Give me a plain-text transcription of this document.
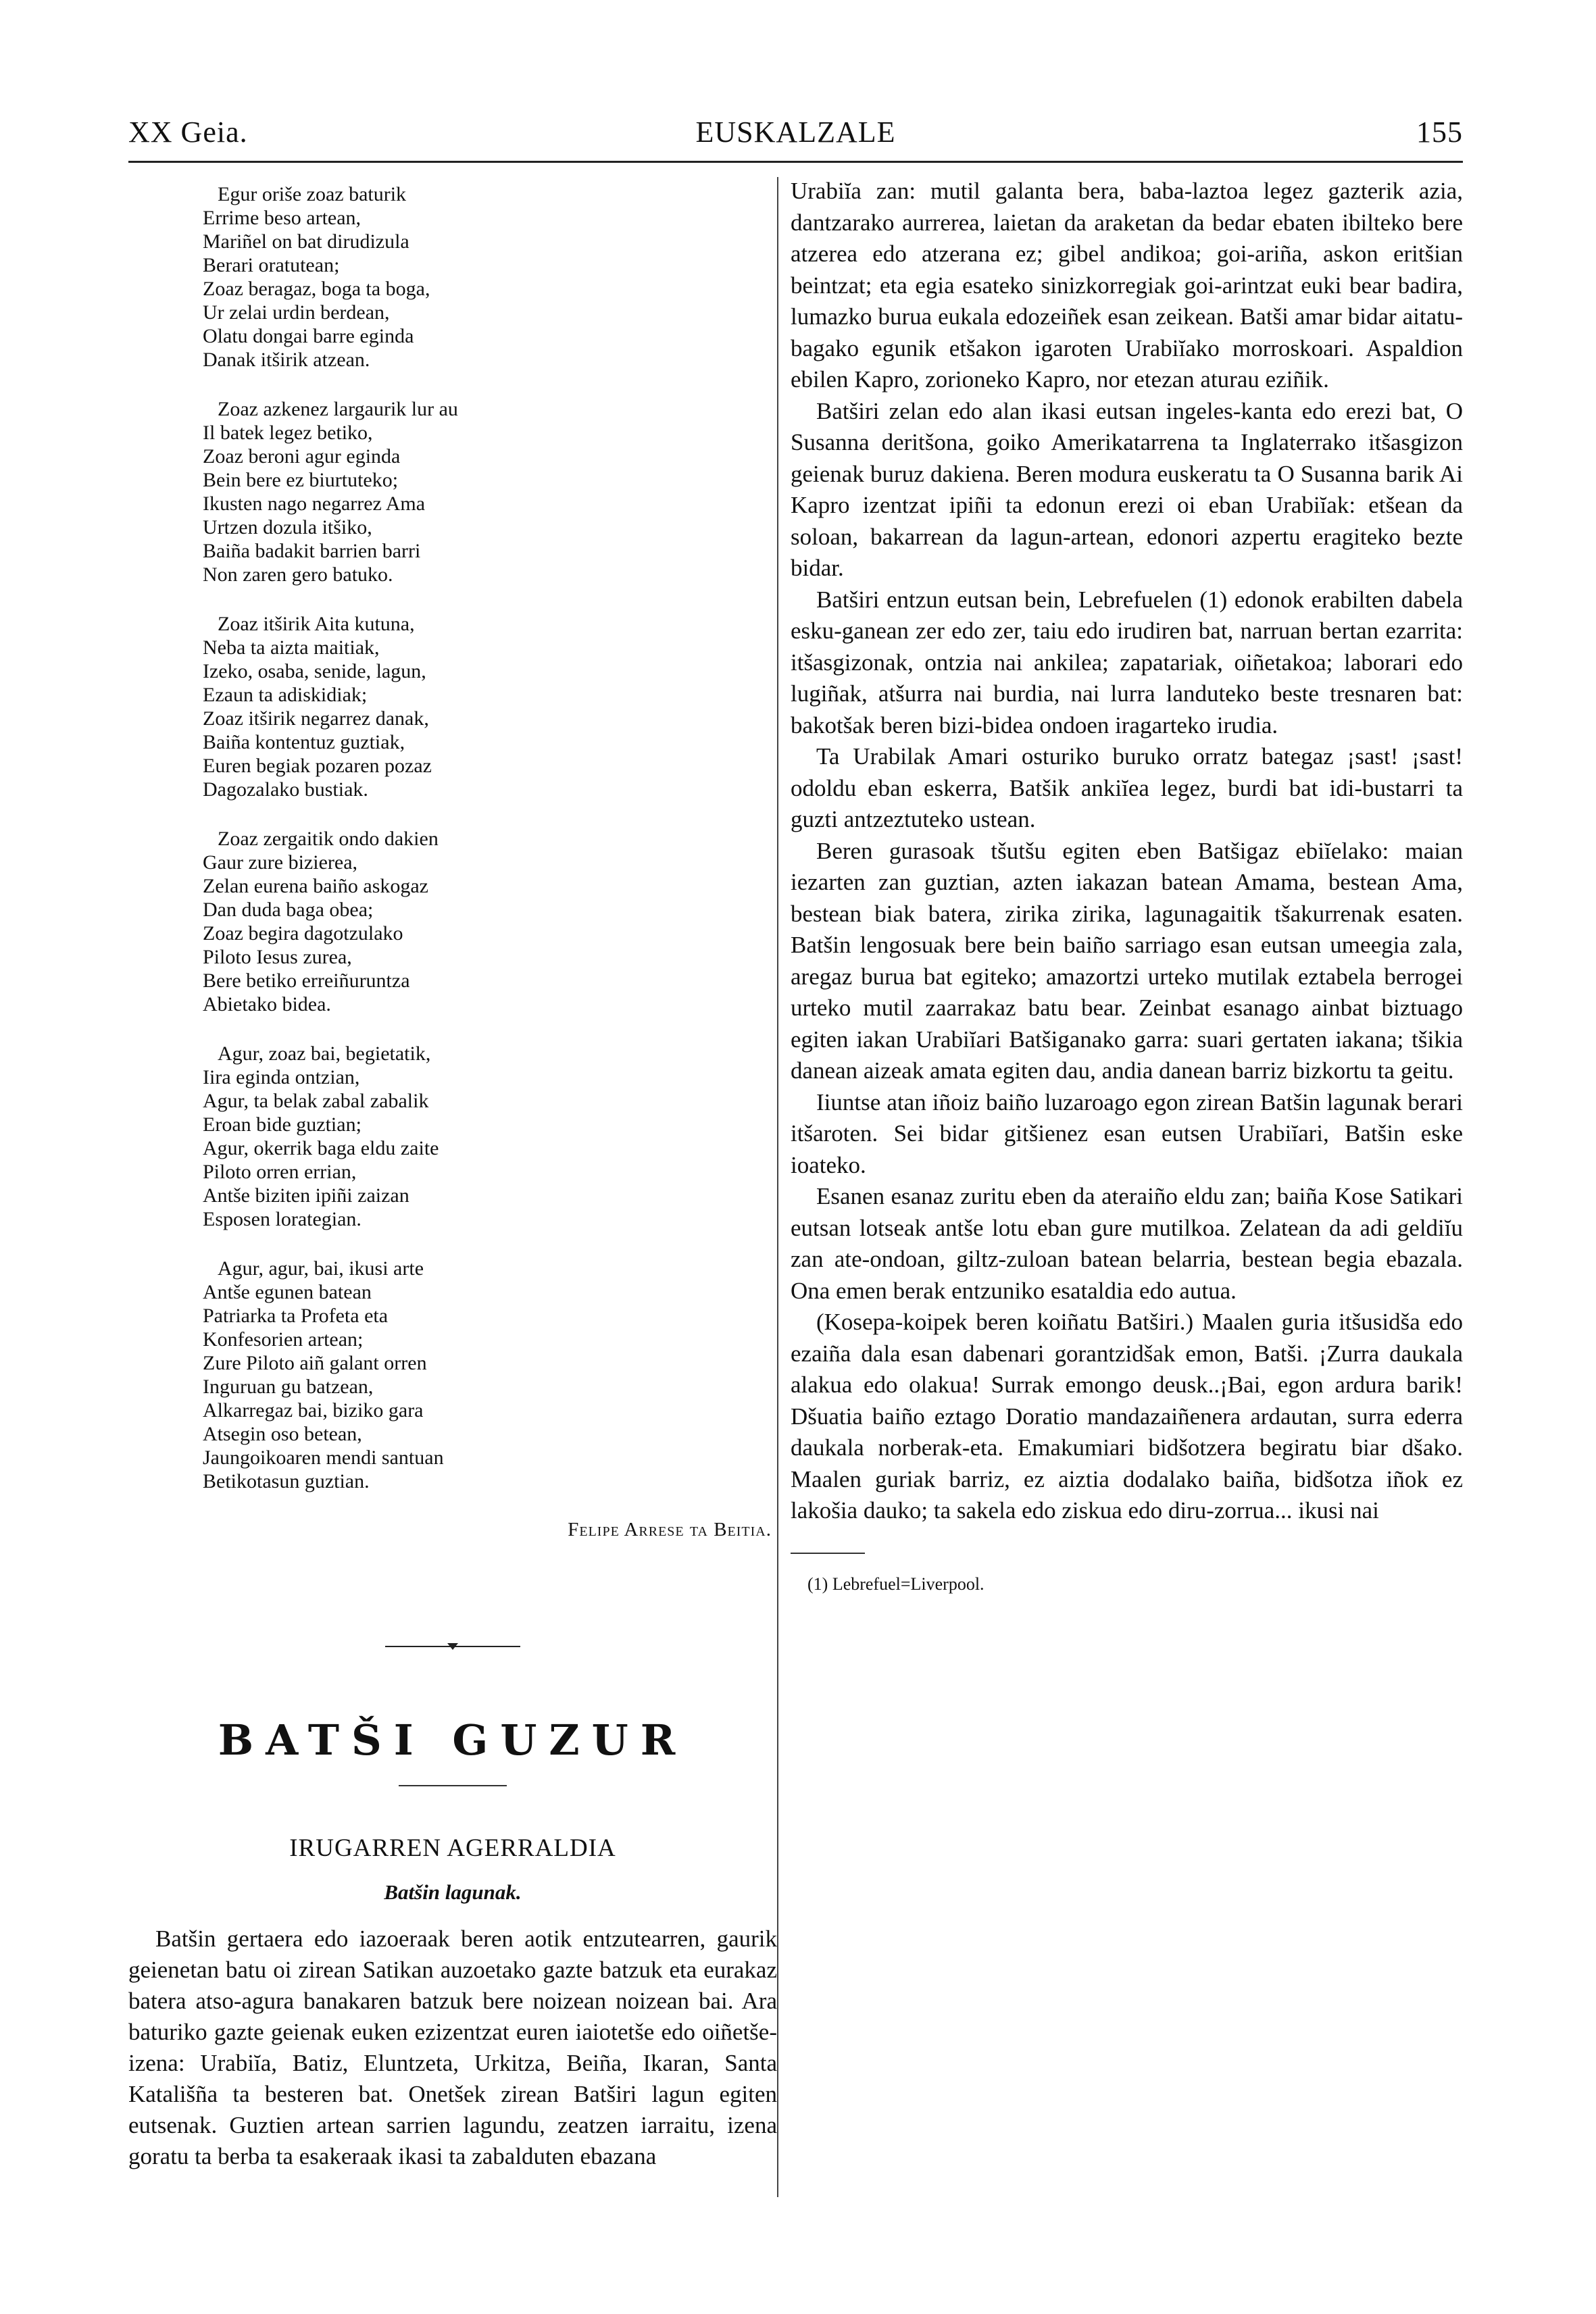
XX Geia.	EUSKALZALE	155
Egur oriše zoaz baturik
Errime beso artean,
Mariñel on bat dirudizula
Berari oratutean;
Zoaz beragaz, boga ta boga,
Ur zelai urdin berdean,
Olatu dongai barre eginda
Danak itširik atzean.
Zoaz azkenez largaurik lur au
Il batek legez betiko,
Zoaz beroni agur eginda
Bein bere ez biurtuteko;
Ikusten nago negarrez Ama
Urtzen dozula itšiko,
Baiña badakit barrien barri
Non zaren gero batuko.
Zoaz itširik Aita kutuna,
Neba ta aizta maitiak,
Izeko, osaba, senide, lagun,
Ezaun ta adiskidiak;
Zoaz itširik negarrez danak,
Baiña kontentuz guztiak,
Euren begiak pozaren pozaz
Dagozalako bustiak.
Zoaz zergaitik ondo dakien
Gaur zure bizierea,
Zelan eurena baiño askogaz
Dan duda baga obea;
Zoaz begira dagotzulako
Piloto Iesus zurea,
Bere betiko erreiñuruntza
Abietako bidea.
Agur, zoaz bai, begietatik,
Iira eginda ontzian,
Agur, ta belak zabal zabalik
Eroan bide guztian;
Agur, okerrik baga eldu zaite
Piloto orren errian,
Antše biziten ipiñi zaizan
Esposen lorategian.
Agur, agur, bai, ikusi arte
Antše egunen batean
Patriarka ta Profeta eta
Konfesorien artean;
Zure Piloto aiñ galant orren
Inguruan gu batzean,
Alkarregaz bai, biziko gara
Atsegin oso betean,
Jaungoikoaren mendi santuan
Betikotasun guztian.
Felipe Arrese ta Beitia.
BATŠI GUZUR
IRUGARREN AGERRALDIA
Batšin lagunak.
Batšin gertaera edo iazoeraak beren aotik entzutearren, gaurik geienetan batu oi zirean Satikan auzoetako gazte batzuk eta eurakaz batera atso-agura banakaren batzuk bere noizean noizean bai. Ara baturiko gazte geienak euken ezizentzat euren iaiotetše edo oiñetše-izena: Urabiĭa, Batiz, Eluntzeta, Urkitza, Beiña, Ikaran, Santa Katališña ta besteren bat. Onetšek zirean Batširi lagun egiten eutsenak. Guztien artean sarrien lagundu, zeatzen iarraitu, izena goratu ta berba ta esakeraak ikasi ta zabalduten ebazana
Urabiĭa zan: mutil galanta bera, baba-laztoa legez gazterik azia, dantzarako aurrerea, laietan da araketan da bedar ebaten ibilteko bere atzerea edo atzerana ez; gibel andikoa; goi-ariña, askon eritšian beintzat; eta egia esateko sinizkorregiak goi-arintzat euki bear badira, lumazko burua eukala edozeiñek esan zeikean. Batši amar bidar aitatu-bagako egunik etšakon igaroten Urabiĭako morroskoari. Aspaldion ebilen Kapro, zorioneko Kapro, nor etezan aturau eziñik.
Batširi zelan edo alan ikasi eutsan ingeles-kanta edo erezi bat, O Susanna deritšona, goiko Amerikatarrena ta Inglaterrako itšasgizon geienak buruz dakiena. Beren modura euskeratu ta O Susanna barik Ai Kapro izentzat ipiñi ta edonun erezi oi eban Urabiĭak: etšean da soloan, bakarrean da lagun-artean, edonori azpertu eragiteko bezte bidar.
Batširi entzun eutsan bein, Lebrefuelen (1) edonok erabilten dabela esku-ganean zer edo zer, taiu edo irudiren bat, narruan bertan ezarrita: itšasgizonak, ontzia nai ankilea; zapatariak, oiñetakoa; laborari edo lugiñak, atšurra nai burdia, nai lurra landuteko beste tresnaren bat: bakotšak beren bizi-bidea ondoen iragarteko irudia.
Ta Urabilak Amari osturiko buruko orratz bategaz ¡sast! ¡sast! odoldu eban eskerra, Batšik ankiĭea legez, burdi bat idi-bustarri ta guzti antzeztuteko ustean.
Beren gurasoak tšutšu egiten eben Batšigaz ebiĭelako: maian iezarten zan guztian, azten iakazan batean Amama, bestean Ama, bestean biak batera, zirika zirika, lagunagaitik tšakurrenak esaten. Batšin lengosuak bere bein baiño sarriago esan eutsan umeegia zala, aregaz burua bat egiteko; amazortzi urteko mutilak eztabela berrogei urteko mutil zaarrakaz batu bear. Zeinbat esanago ainbat biztuago egiten iakan Urabiĭari Batšiganako garra: suari gertaten iakana; tšikia danean aizeak amata egiten dau, andia danean barriz bizkortu ta geitu.
Iiuntse atan iñoiz baiño luzaroago egon zirean Batšin lagunak berari itšaroten. Sei bidar gitšienez esan eutsen Urabiĭari, Batšin eske ioateko.
Esanen esanaz zuritu eben da ateraiño eldu zan; baiña Kose Satikari eutsan lotseak antše lotu eban gure mutilkoa. Zelatean da adi geldiĭu zan ate-ondoan, giltz-zuloan batean belarria, bestean begia ebazala. Ona emen berak entzuniko esataldia edo autua.
(Kosepa-koipek beren koiñatu Batširi.) Maalen guria itšusidša edo ezaiña dala esan dabenari gorantzidšak emon, Batši. ¡Zurra daukala alakua edo olakua! Surrak emongo deusk..¡Bai, egon ardura barik! Dšuatia baiño eztago Doratio mandazaiñenera ardautan, surra ederra daukala norberak-eta. Emakumiari bidšotzera begiratu biar dšako. Maalen guriak barriz, ez aiztia dodalako baiña, bidšotza iñok ez lakošia dauko; ta sakela edo ziskua edo diru-zorrua... ikusi nai
(1) Lebrefuel=Liverpool.
